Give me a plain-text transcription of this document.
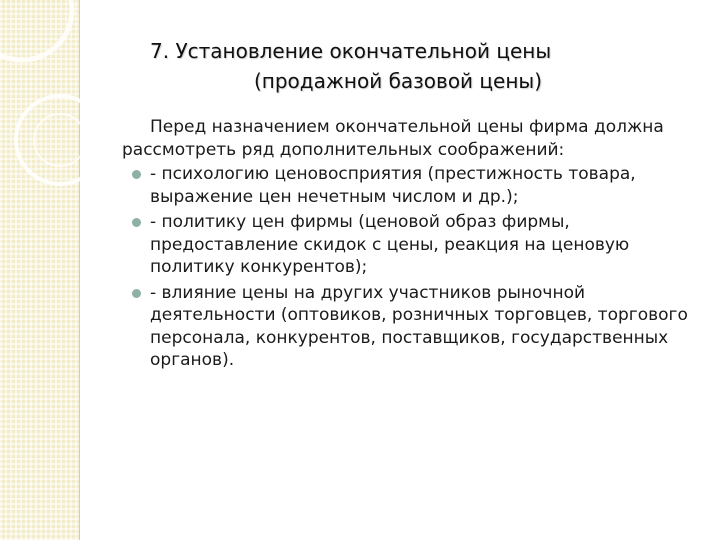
7. Установление окончательной цены
(продажной базовой цены)

Перед назначением окончательной цены фирма должна рассмотреть ряд дополнительных соображений:

- психологию ценовосприятия (престижность товара, выражение цен нечетным числом и др.);
- политику цен фирмы (ценовой образ фирмы, предоставление скидок с цены, реакция на ценовую политику конкурентов);
- влияние цены на других участников рыночной деятельности (оптовиков, розничных торговцев, торгового персонала, конкурентов, поставщиков, государственных органов).
